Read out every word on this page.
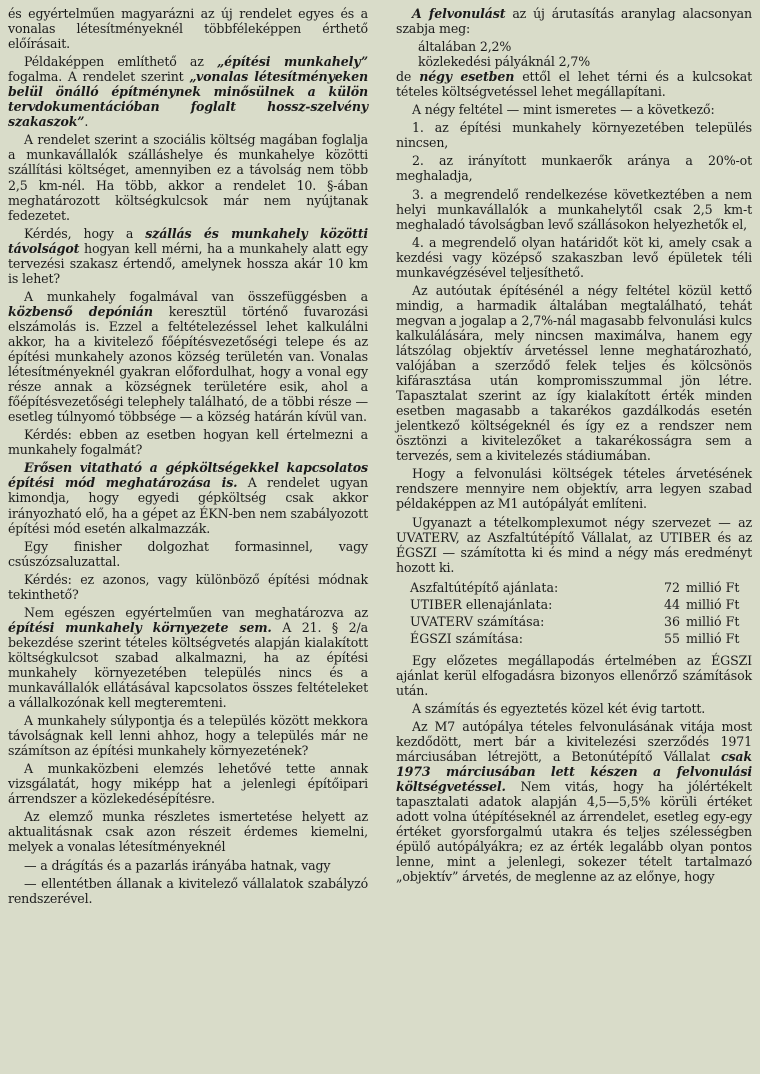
és egyértelműen magyarázni az új rendelet egyes és a vonalas létesítményeknél többféleképpen érthető előírásait.

Példaképpen említhető az „építési munkahely” fogalma. A rendelet szerint „vonalas létesítményeken belül önálló építménynek minősülnek a külön tervdokumentációban foglalt hossz-szelvény szakaszok”.

A rendelet szerint a szociális költség magában foglalja a munkavállalók szálláshelye és munkahelye közötti szállítási költséget, amennyiben ez a távolság nem több 2,5 km-nél. Ha több, akkor a rendelet 10. §-ában meghatározott költségkulcsok már nem nyújtanak fedezetet.

Kérdés, hogy a szállás és munkahely közötti távolságot hogyan kell mérni, ha a munkahely alatt egy tervezési szakasz értendő, amelynek hossza akár 10 km is lehet?

A munkahely fogalmával van összefüggésben a közbenső depónián keresztül történő fuvarozási elszámolás is. Ezzel a feltételezéssel lehet kalkulálni akkor, ha a kivitelező főépítésvezetőségi telepe és az építési munkahely azonos község területén van. Vonalas létesítményeknél gyakran előfordulhat, hogy a vonal egy része annak a községnek területére esik, ahol a főépítésvezetőségi telephely található, de a többi része — esetleg túlnyomó többsége — a község határán kívül van.

Kérdés: ebben az esetben hogyan kell értelmezni a munkahely fogalmát?

Erősen vitatható a gépköltségekkel kapcsolatos építési mód meghatározása is. A rendelet ugyan kimondja, hogy egyedi gépköltség csak akkor irányozható elő, ha a gépet az ÉKN-ben nem szabályozott építési mód esetén alkalmazzák.

Egy finisher dolgozhat formasinnel, vagy csúszózsaluzattal.

Kérdés: ez azonos, vagy különböző építési módnak tekinthető?

Nem egészen egyértelműen van meghatározva az építési munkahely környezete sem. A 21. § 2/a bekezdése szerint tételes költségvetés alapján kialakított költségkulcsot szabad alkalmazni, ha az építési munkahely környezetében település nincs és a munkavállalók ellátásával kapcsolatos összes feltételeket a vállalkozónak kell megteremteni.

A munkahely súlypontja és a település között mekkora távolságnak kell lenni ahhoz, hogy a település már ne számítson az építési munkahely környezetének?

A munkaközbeni elemzés lehetővé tette annak vizsgálatát, hogy miképp hat a jelenlegi építőipari árrendszer a közlekedésépítésre.

Az elemző munka részletes ismertetése helyett az aktualitásnak csak azon részeit érdemes kiemelni, melyek a vonalas létesítményeknél

— a drágítás és a pazarlás irányába hatnak, vagy

— ellentétben állanak a kivitelező vállalatok szabályzó rendszerével.

A felvonulást az új árutasítás aranylag alacsonyan szabja meg:

általában 2,2%

közlekedési pályáknál 2,7%

de négy esetben ettől el lehet térni és a kulcsokat tételes költségvetéssel lehet megállapítani.

A négy feltétel — mint ismeretes — a következő:

1. az építési munkahely környezetében település nincsen,

2. az irányított munkaerők aránya a 20%-ot meghaladja,

3. a megrendelő rendelkezése következtében a nem helyi munkavállalók a munkahelytől csak 2,5 km-t meghaladó távolságban levő szállásokon helyezhetők el,

4. a megrendelő olyan határidőt köt ki, amely csak a kezdési vagy középső szakaszban levő épületek téli munkavégzésével teljesíthető.

Az autóutak építésénél a négy feltétel közül kettő mindig, a harmadik általában megtalálható, tehát megvan a jogalap a 2,7%-nál magasabb felvonulási kulcs kalkulálására, mely nincsen maximálva, hanem egy látszólag objektív árvetéssel lenne meghatározható, valójában a szerződő felek teljes és kölcsönös kifárasztása után kompromisszummal jön létre. Tapasztalat szerint az így kialakított érték minden esetben magasabb a takarékos gazdálkodás esetén jelentkező költségeknél és így ez a rendszer nem ösztönzi a kivitelezőket a takarékosságra sem a tervezés, sem a kivitelezés stádiumában.

Hogy a felvonulási költségek tételes árvetésének rendszere mennyire nem objektív, arra legyen szabad példaképpen az M1 autópályát említeni.

Ugyanazt a tételkomplexumot négy szervezet — az UVATERV, az Aszfaltútépítő Vállalat, az UTIBER és az ÉGSZI — számította ki és mind a négy más eredményt hozott ki.

Aszfaltútépítő ajánlata:	72	millió Ft
UTIBER ellenajánlata:	44	millió Ft
UVATERV számítása:	36	millió Ft
ÉGSZI számítása:	55	millió Ft

Egy előzetes megállapodás értelmében az ÉGSZI ajánlat kerül elfogadásra bizonyos ellenőrző számítások után.

A számítás és egyeztetés közel két évig tartott.

Az M7 autópálya tételes felvonulásának vitája most kezdődött, mert bár a kivitelezési szerződés 1971 márciusában létrejött, a Betonútépítő Vállalat csak 1973 márciusában lett készen a felvonulási költségvetéssel. Nem vitás, hogy ha jólértékelt tapasztalati adatok alapján 4,5—5,5% körüli értéket adott volna útépítéseknél az árrendelet, esetleg egy-egy értéket gyorsforgalmú utakra és teljes szélességben épülő autópályákra; ez az érték legalább olyan pontos lenne, mint a jelenlegi, sokezer tételt tartalmazó „objektív” árvetés, de meglenne az az előnye, hogy
